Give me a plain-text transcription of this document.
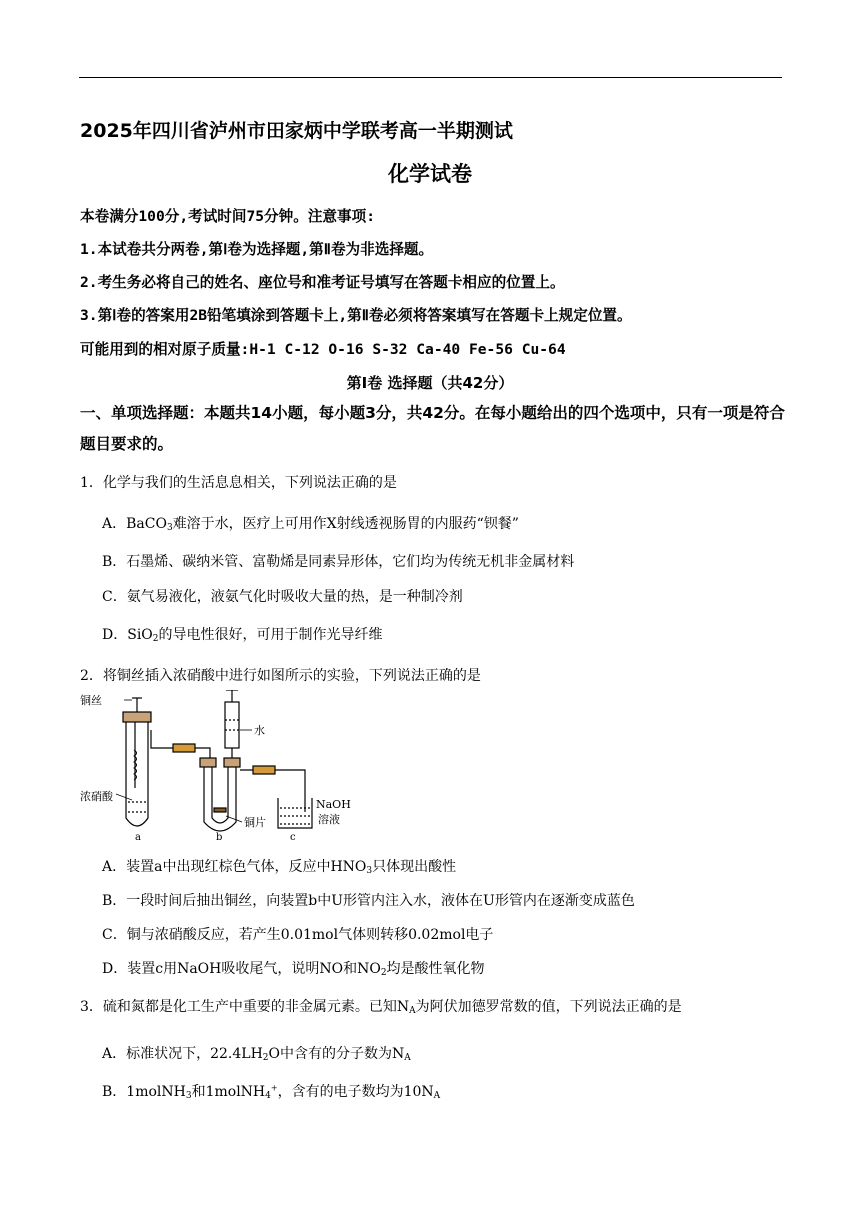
2025年四川省泸州市田家炳中学联考高一半期测试
化学试卷
本卷满分100分,考试时间75分钟。注意事项:
1.本试卷共分两卷,第Ⅰ卷为选择题,第Ⅱ卷为非选择题。
2.考生务必将自己的姓名、座位号和准考证号填写在答题卡相应的位置上。
3.第Ⅰ卷的答案用2B铅笔填涂到答题卡上,第Ⅱ卷必须将答案填写在答题卡上规定位置。
可能用到的相对原子质量:H-1 C-12 O-16 S-32 Ca-40 Fe-56 Cu-64
第Ⅰ卷 选择题（共42分）
一、单项选择题：本题共14小题，每小题3分，共42分。在每小题给出的四个选项中，只有一项是符合题目要求的。
1．化学与我们的生活息息相关，下列说法正确的是
A．BaCO$_3$难溶于水，医疗上可用作X射线透视肠胃的内服药“钡餐”
B．石墨烯、碳纳米管、富勒烯是同素异形体，它们均为传统无机非金属材料
C．氨气易液化，液氨气化时吸收大量的热，是一种制冷剂
D．SiO$_2$的导电性很好，可用于制作光导纤维
2．将铜丝插入浓硝酸中进行如图所示的实验，下列说法正确的是
铜丝
水
浓硝酸
铜片
NaOH
溶液
a	b	c
A．装置a中出现红棕色气体，反应中$HNO_3$只体现出酸性
B．一段时间后抽出铜丝，向装置b中U形管内注入水，液体在U形管内在逐渐变成蓝色
C．铜与浓硝酸反应，若产生0.01mol气体则转移0.02mol电子
D．装置c用NaOH吸收尾气，说明NO和$NO_2$均是酸性氧化物
3．硫和氮都是化工生产中重要的非金属元素。已知$N_A$为阿伏加德罗常数的值，下列说法正确的是
A．标准状况下，$22.4LH_2O$中含有的分子数为$N_A$
B．1molNH$_3$和1molNH$_4$+，含有的电子数均为$10N_A$
